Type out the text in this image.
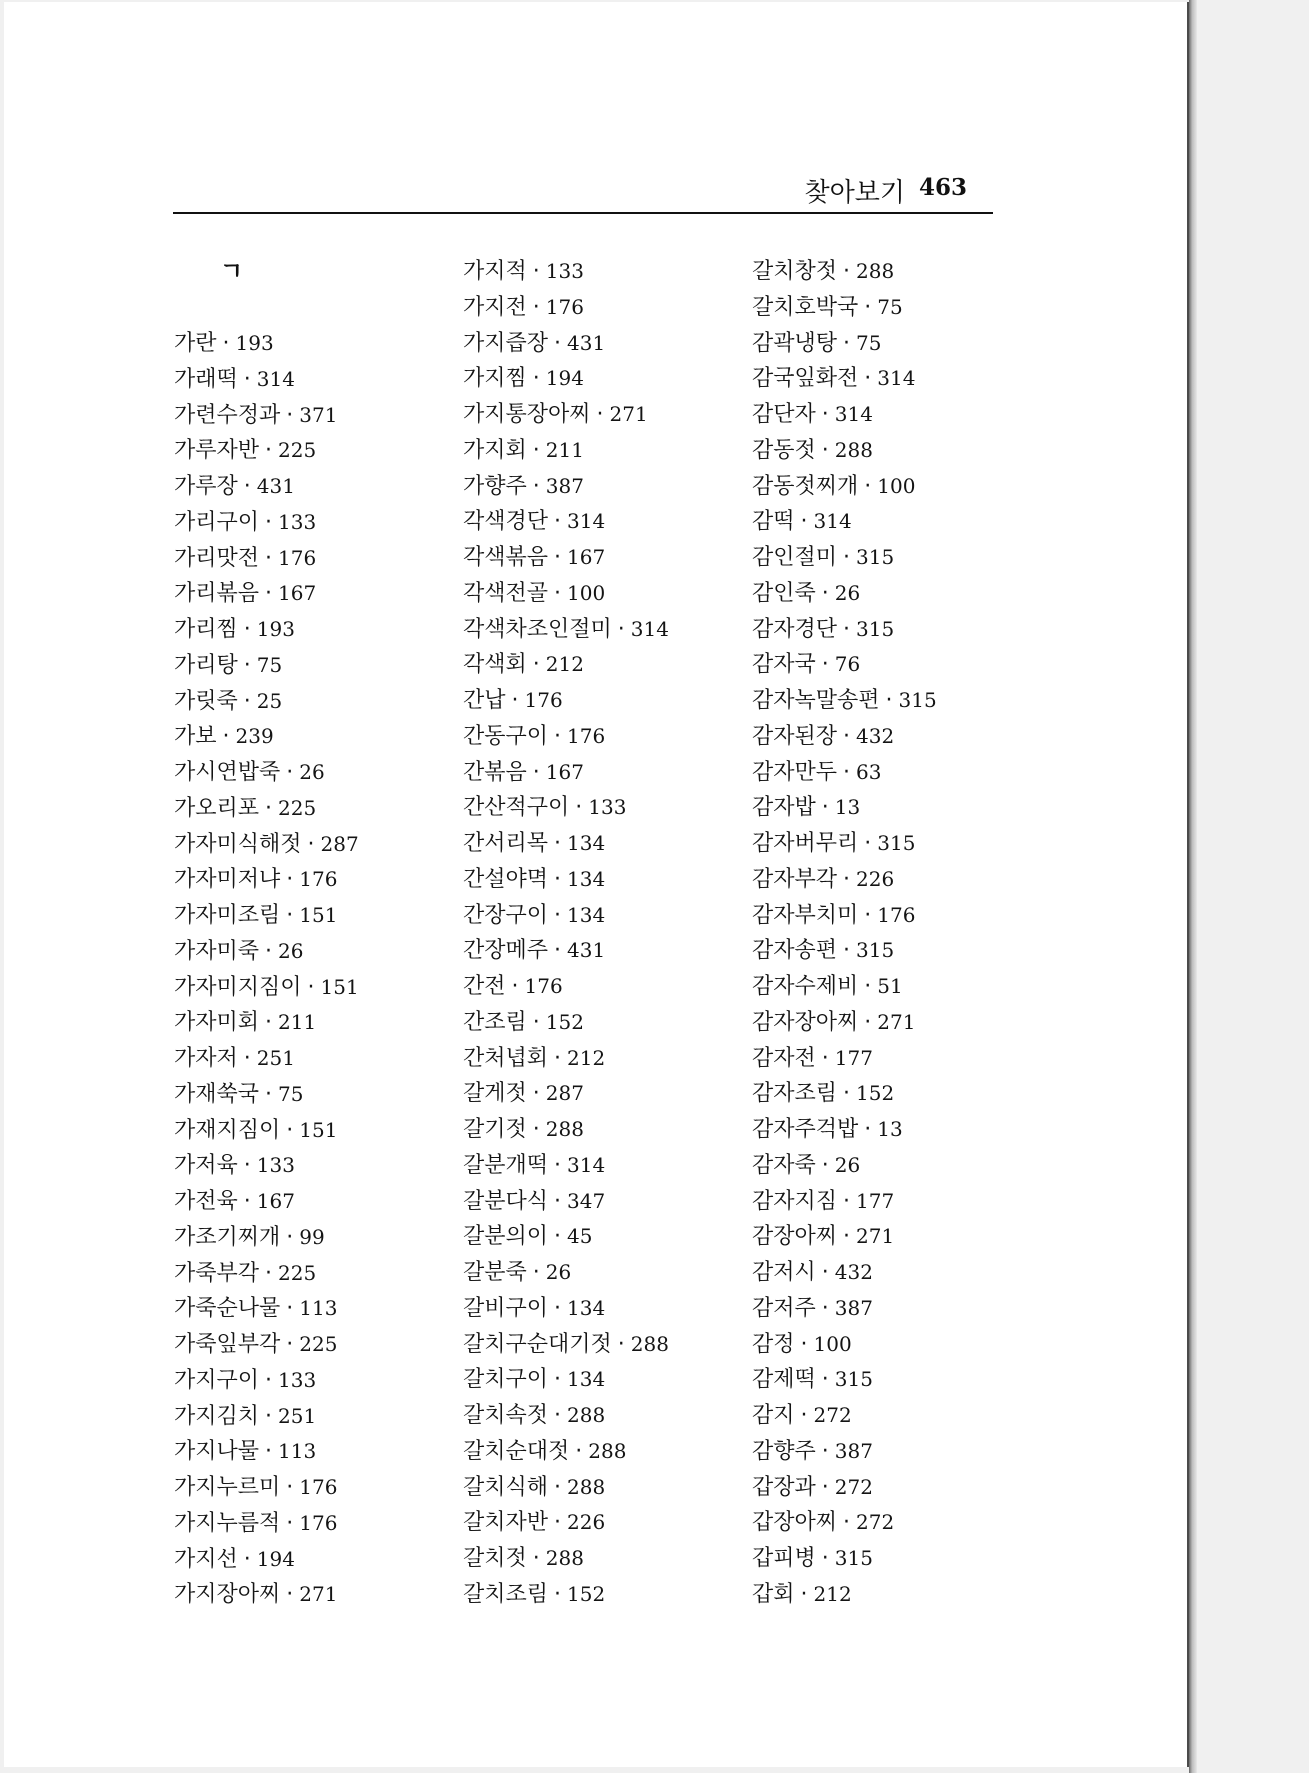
찾아보기 463
ㄱ
가란 · 193
가래떡 · 314
가련수정과 · 371
가루자반 · 225
가루장 · 431
가리구이 · 133
가리맛전 · 176
가리볶음 · 167
가리찜 · 193
가리탕 · 75
가릿죽 · 25
가보 · 239
가시연밥죽 · 26
가오리포 · 225
가자미식해젓 · 287
가자미저냐 · 176
가자미조림 · 151
가자미죽 · 26
가자미지짐이 · 151
가자미회 · 211
가자저 · 251
가재쑥국 · 75
가재지짐이 · 151
가저육 · 133
가전육 · 167
가조기찌개 · 99
가죽부각 · 225
가죽순나물 · 113
가죽잎부각 · 225
가지구이 · 133
가지김치 · 251
가지나물 · 113
가지누르미 · 176
가지누름적 · 176
가지선 · 194
가지장아찌 · 271
가지적 · 133
가지전 · 176
가지즙장 · 431
가지찜 · 194
가지통장아찌 · 271
가지회 · 211
가향주 · 387
각색경단 · 314
각색볶음 · 167
각색전골 · 100
각색차조인절미 · 314
각색회 · 212
간납 · 176
간동구이 · 176
간볶음 · 167
간산적구이 · 133
간서리목 · 134
간설야멱 · 134
간장구이 · 134
간장메주 · 431
간전 · 176
간조림 · 152
간처녑회 · 212
갈게젓 · 287
갈기젓 · 288
갈분개떡 · 314
갈분다식 · 347
갈분의이 · 45
갈분죽 · 26
갈비구이 · 134
갈치구순대기젓 · 288
갈치구이 · 134
갈치속젓 · 288
갈치순대젓 · 288
갈치식해 · 288
갈치자반 · 226
갈치젓 · 288
갈치조림 · 152
갈치창젓 · 288
갈치호박국 · 75
감곽냉탕 · 75
감국잎화전 · 314
감단자 · 314
감동젓 · 288
감동젓찌개 · 100
감떡 · 314
감인절미 · 315
감인죽 · 26
감자경단 · 315
감자국 · 76
감자녹말송편 · 315
감자된장 · 432
감자만두 · 63
감자밥 · 13
감자버무리 · 315
감자부각 · 226
감자부치미 · 176
감자송편 · 315
감자수제비 · 51
감자장아찌 · 271
감자전 · 177
감자조림 · 152
감자주걱밥 · 13
감자죽 · 26
감자지짐 · 177
감장아찌 · 271
감저시 · 432
감저주 · 387
감정 · 100
감제떡 · 315
감지 · 272
감향주 · 387
갑장과 · 272
갑장아찌 · 272
갑피병 · 315
갑회 · 212
